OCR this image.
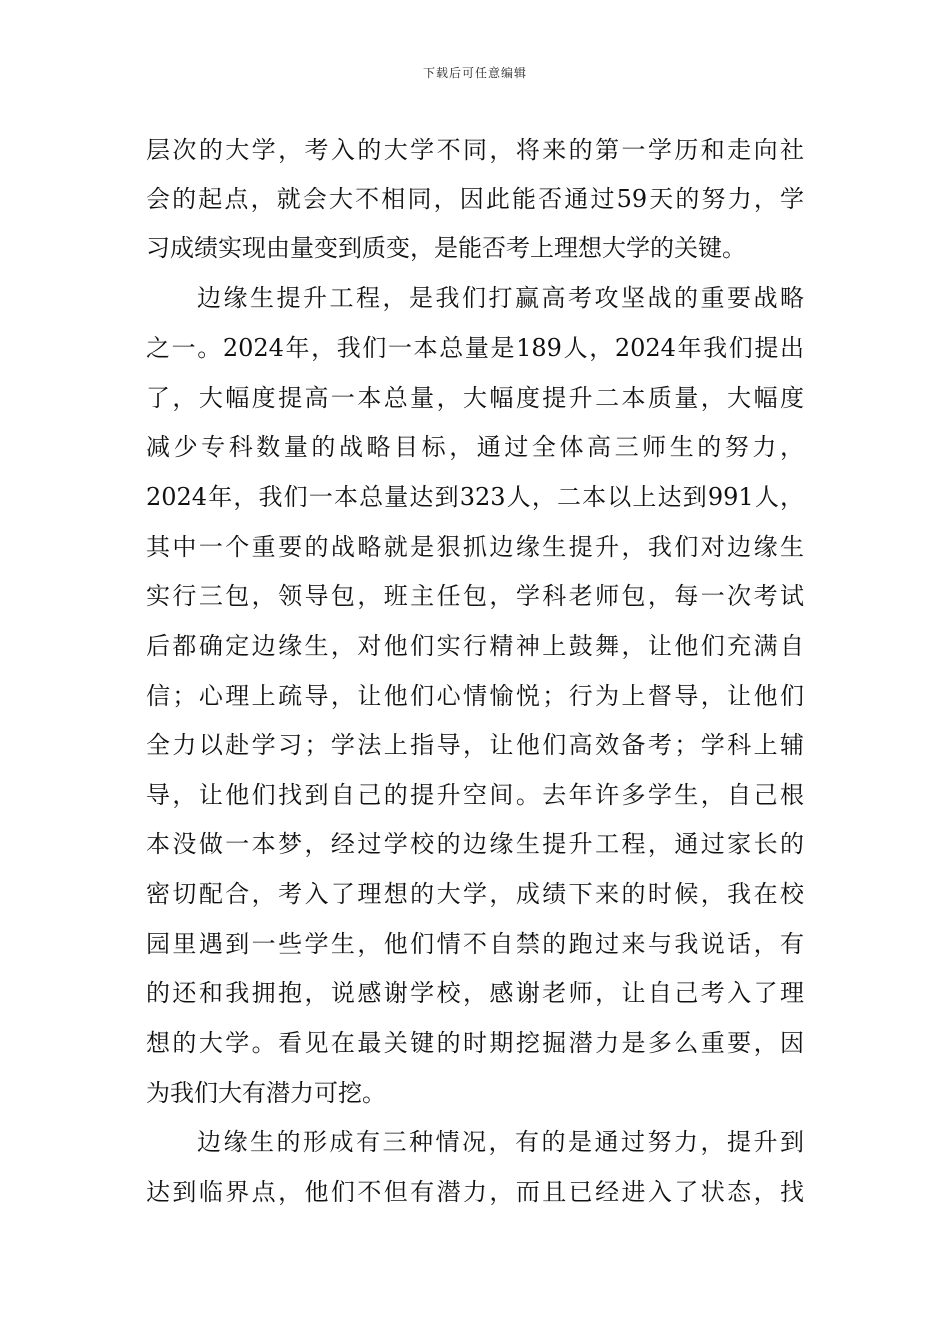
下载后可任意编辑
层次的大学，考入的大学不同，将来的第一学历和走向社
会的起点，就会大不相同，因此能否通过59天的努力，学
习成绩实现由量变到质变，是能否考上理想大学的关键。
边缘生提升工程，是我们打赢高考攻坚战的重要战略
之一。2024年，我们一本总量是189人，2024年我们提出
了，大幅度提高一本总量，大幅度提升二本质量，大幅度
减少专科数量的战略目标，通过全体高三师生的努力，
2024年，我们一本总量达到323人，二本以上达到991人，
其中一个重要的战略就是狠抓边缘生提升，我们对边缘生
实行三包，领导包，班主任包，学科老师包，每一次考试
后都确定边缘生，对他们实行精神上鼓舞，让他们充满自
信；心理上疏导，让他们心情愉悦；行为上督导，让他们
全力以赴学习；学法上指导，让他们高效备考；学科上辅
导，让他们找到自己的提升空间。去年许多学生，自己根
本没做一本梦，经过学校的边缘生提升工程，通过家长的
密切配合，考入了理想的大学，成绩下来的时候，我在校
园里遇到一些学生，他们情不自禁的跑过来与我说话，有
的还和我拥抱，说感谢学校，感谢老师，让自己考入了理
想的大学。看见在最关键的时期挖掘潜力是多么重要，因
为我们大有潜力可挖。
边缘生的形成有三种情况，有的是通过努力，提升到
达到临界点，他们不但有潜力，而且已经进入了状态，找
